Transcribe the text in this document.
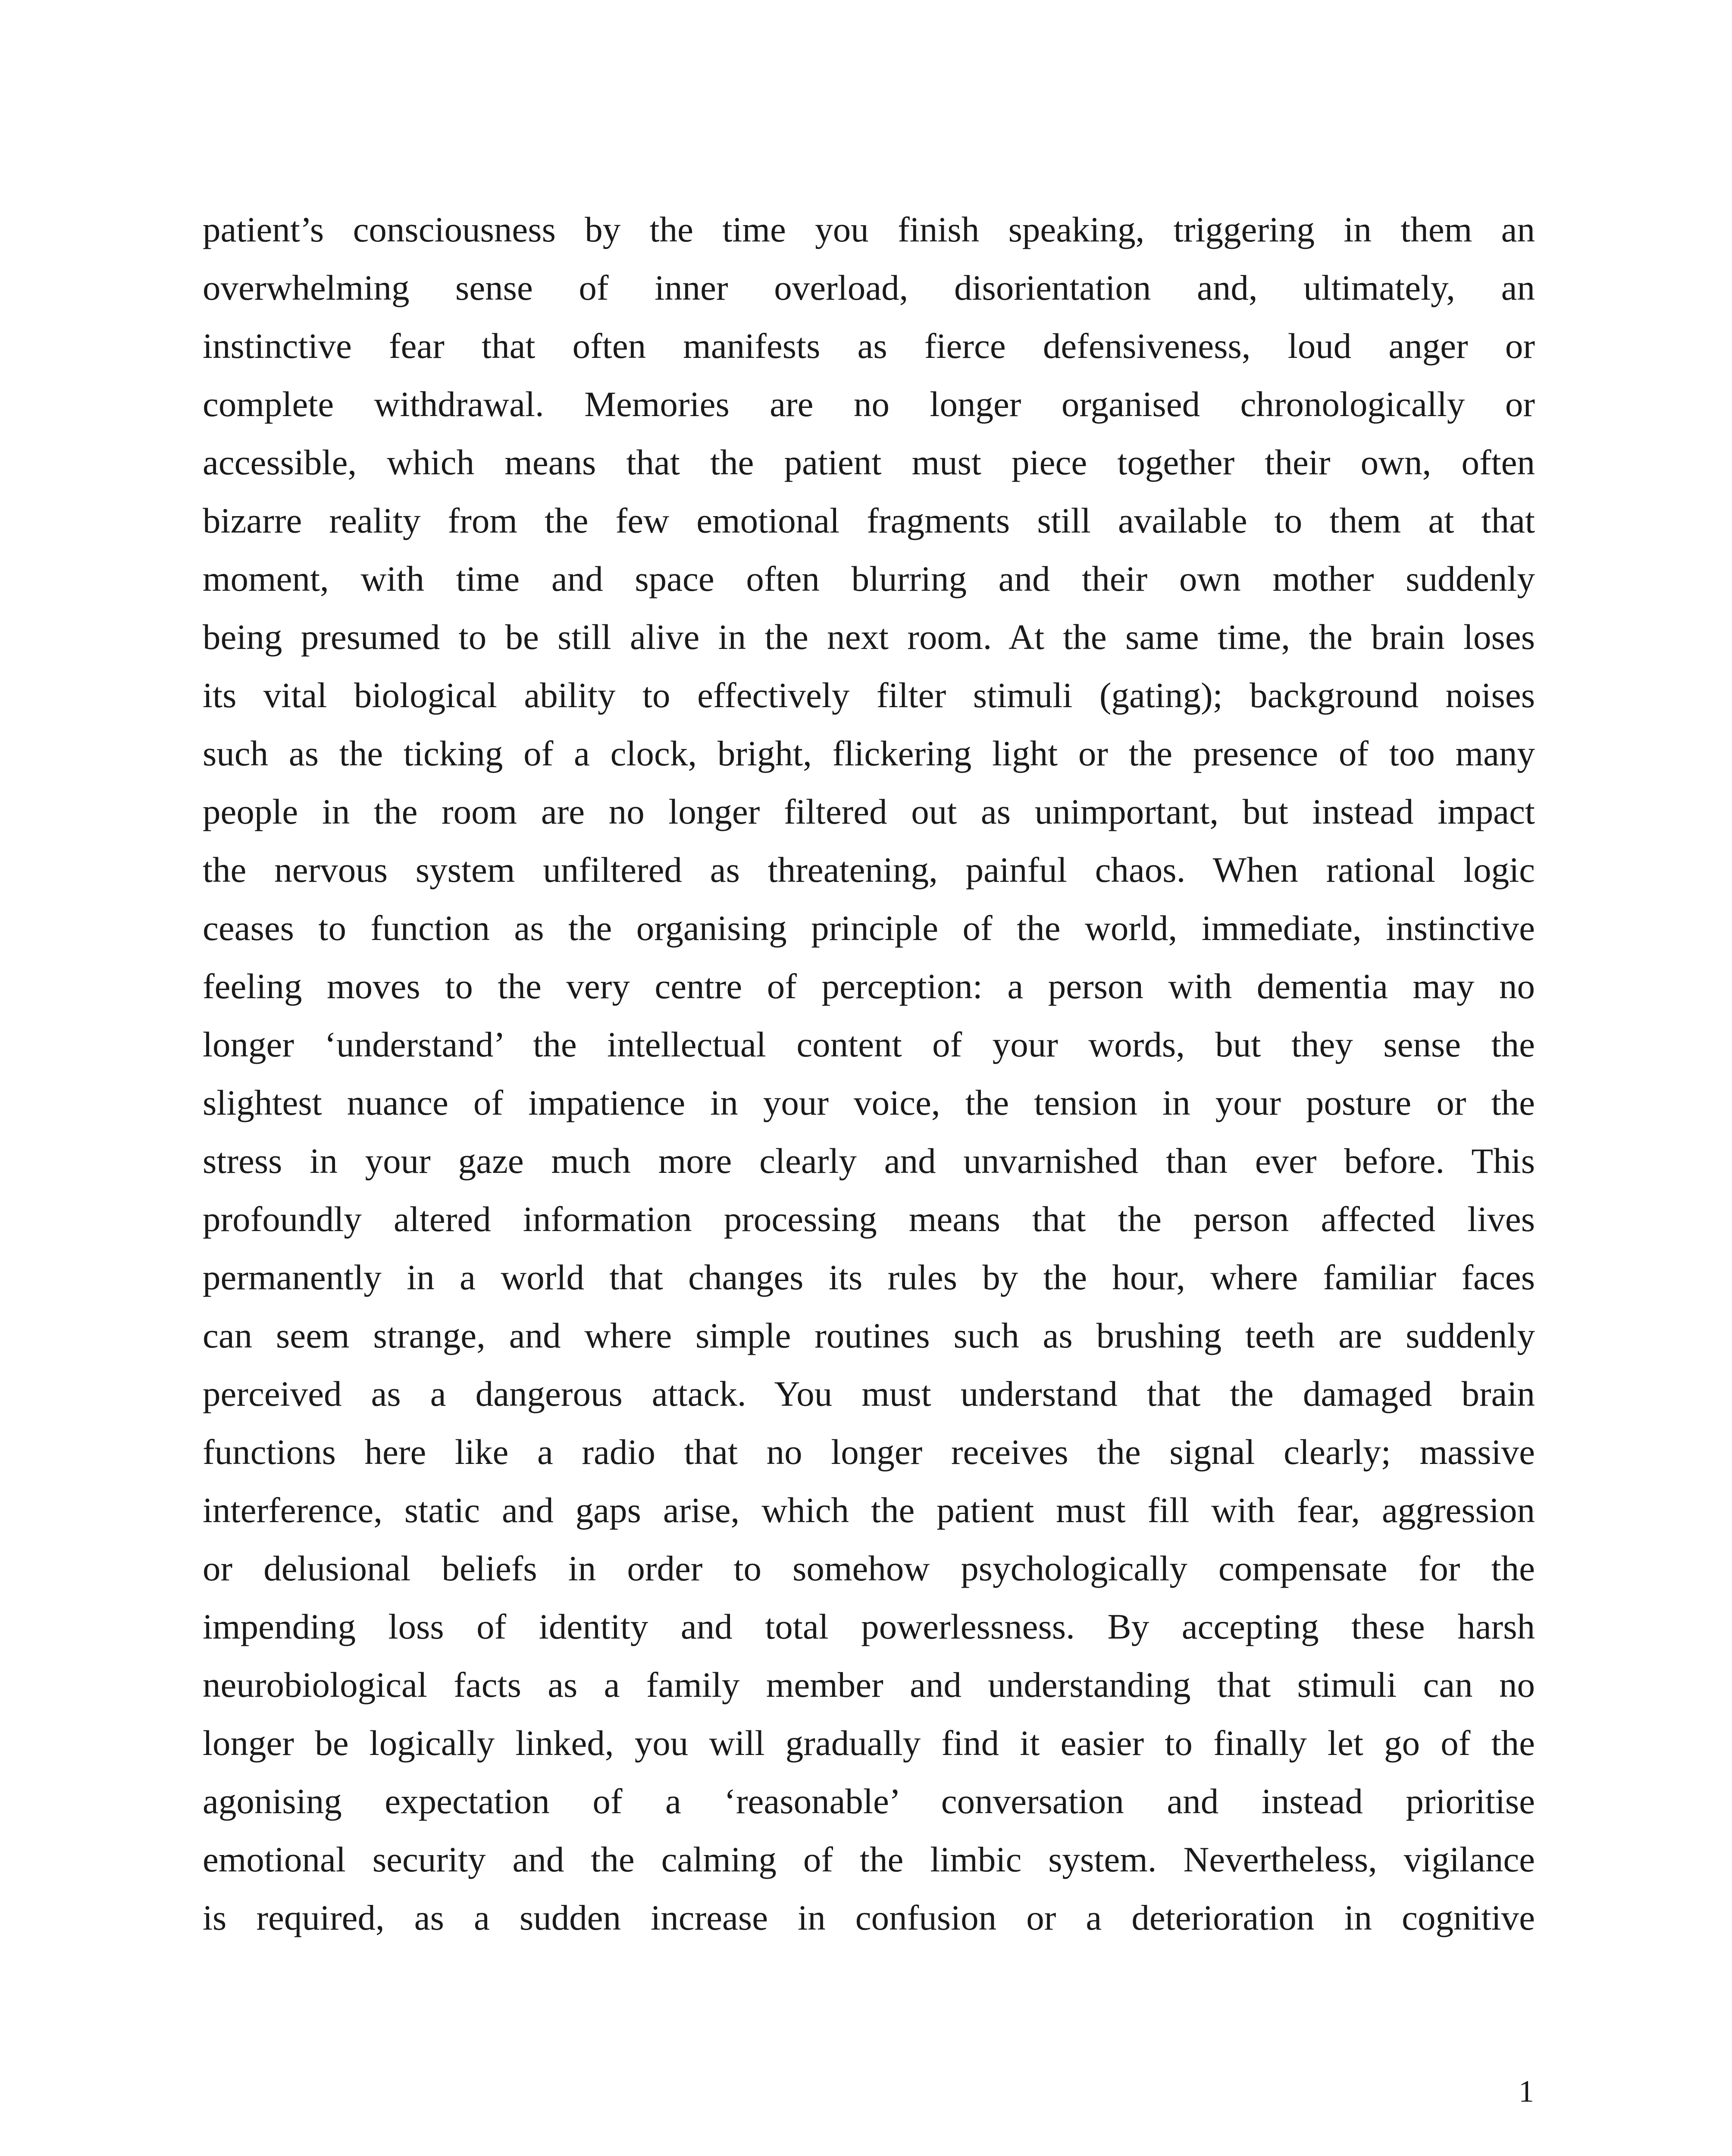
patient’s consciousness by the time you finish speaking, triggering in them an
overwhelming sense of inner overload, disorientation and, ultimately, an
instinctive fear that often manifests as fierce defensiveness, loud anger or
complete withdrawal. Memories are no longer organised chronologically or
accessible, which means that the patient must piece together their own, often
bizarre reality from the few emotional fragments still available to them at that
moment, with time and space often blurring and their own mother suddenly
being presumed to be still alive in the next room. At the same time, the brain loses
its vital biological ability to effectively filter stimuli (gating); background noises
such as the ticking of a clock, bright, flickering light or the presence of too many
people in the room are no longer filtered out as unimportant, but instead impact
the nervous system unfiltered as threatening, painful chaos. When rational logic
ceases to function as the organising principle of the world, immediate, instinctive
feeling moves to the very centre of perception: a person with dementia may no
longer ‘understand’ the intellectual content of your words, but they sense the
slightest nuance of impatience in your voice, the tension in your posture or the
stress in your gaze much more clearly and unvarnished than ever before. This
profoundly altered information processing means that the person affected lives
permanently in a world that changes its rules by the hour, where familiar faces
can seem strange, and where simple routines such as brushing teeth are suddenly
perceived as a dangerous attack. You must understand that the damaged brain
functions here like a radio that no longer receives the signal clearly; massive
interference, static and gaps arise, which the patient must fill with fear, aggression
or delusional beliefs in order to somehow psychologically compensate for the
impending loss of identity and total powerlessness. By accepting these harsh
neurobiological facts as a family member and understanding that stimuli can no
longer be logically linked, you will gradually find it easier to finally let go of the
agonising expectation of a ‘reasonable’ conversation and instead prioritise
emotional security and the calming of the limbic system. Nevertheless, vigilance
is required, as a sudden increase in confusion or a deterioration in cognitive
1
